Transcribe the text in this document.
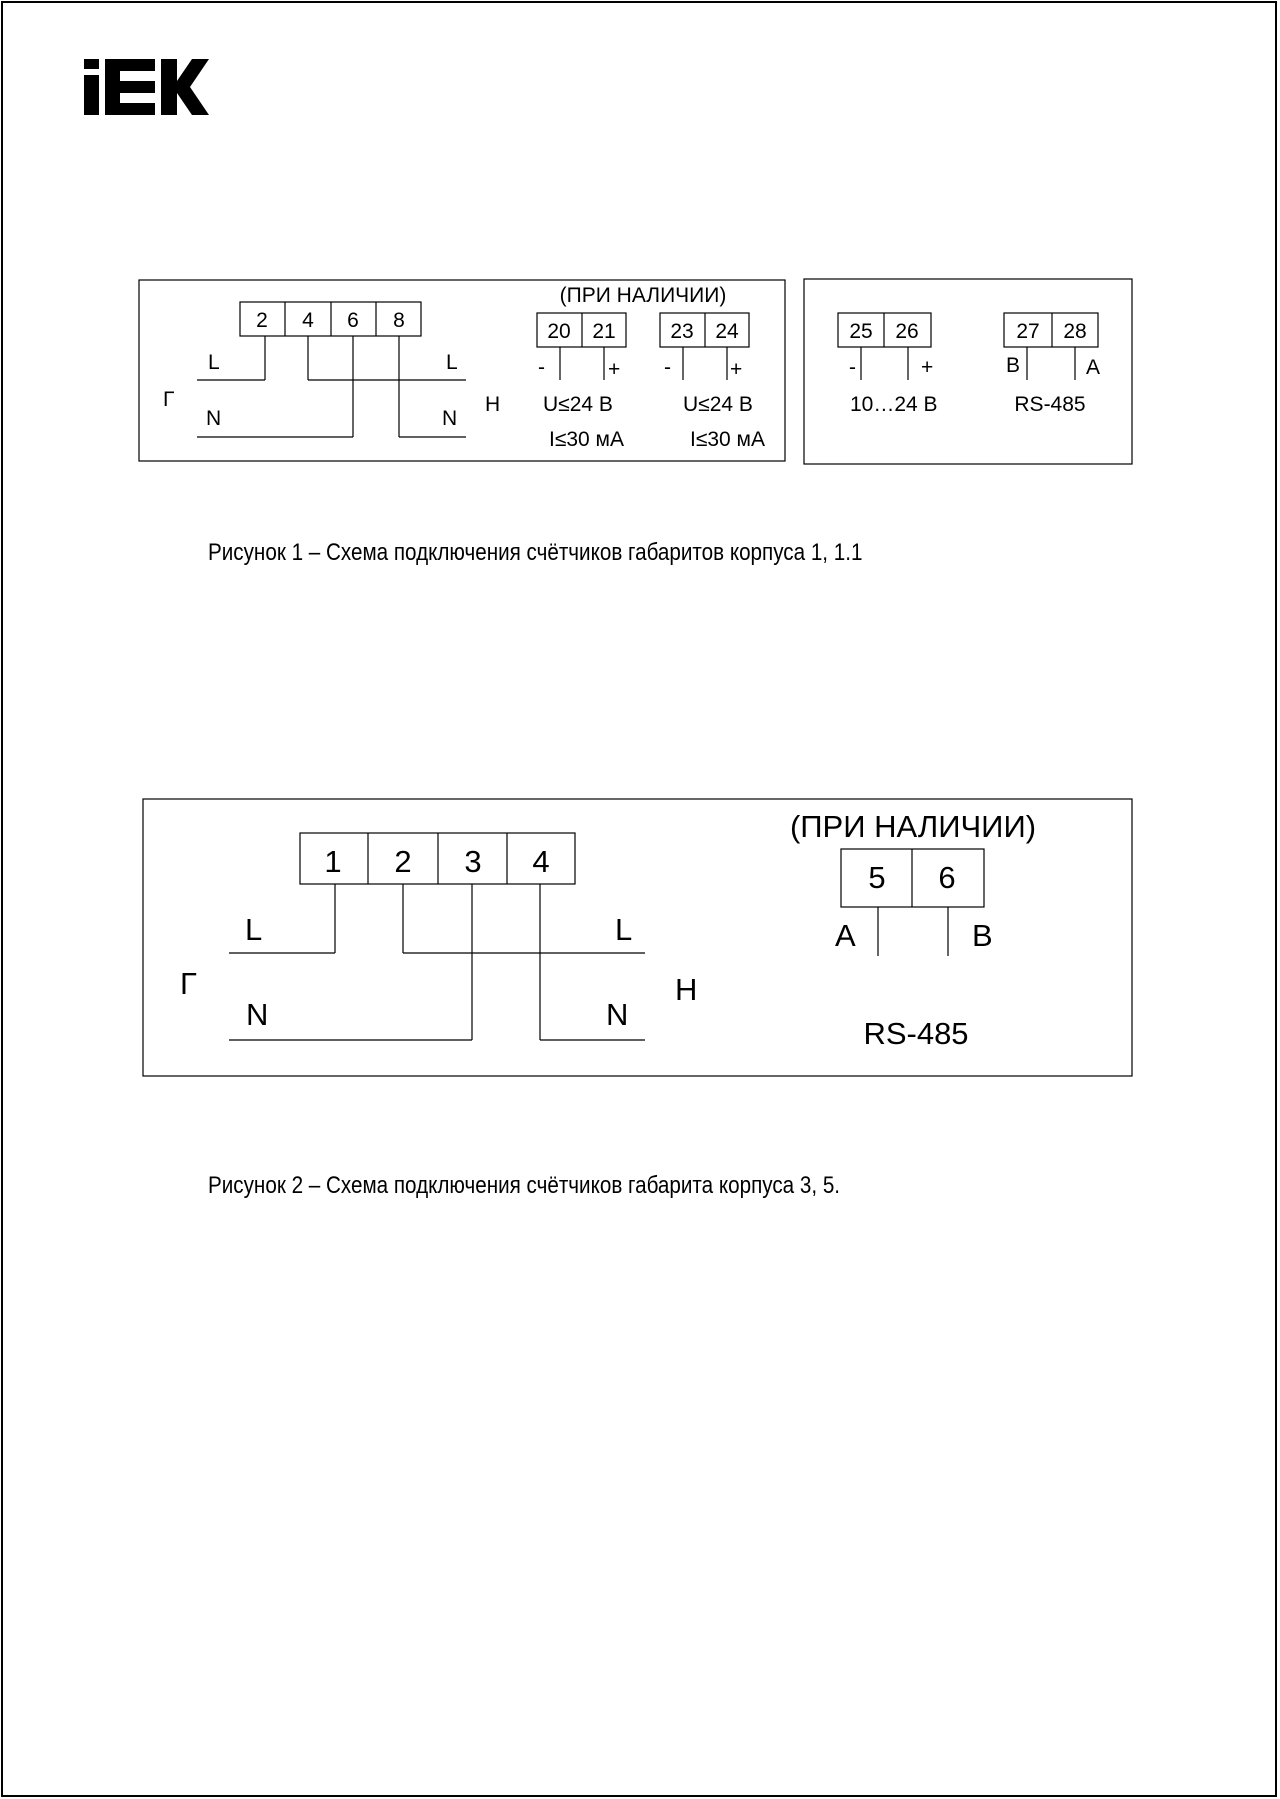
2 4 6 8
L	L
N	N
Г	Н
(ПРИ НАЛИЧИИ)
20 21
-	+
U≤24 В
I≤30 мА
23 24
-	+
U≤24 В
I≤30 мА
25 26
-	+
10…24 В
27 28
В	А
RS-485
Рисунок 1 – Схема подключения счётчиков габаритов корпуса 1, 1.1
1 2 3 4
L	L
N	N
Г	Н
(ПРИ НАЛИЧИИ)
5 6
А	В
RS-485
Рисунок 2 – Схема подключения счётчиков габарита корпуса 3, 5.
